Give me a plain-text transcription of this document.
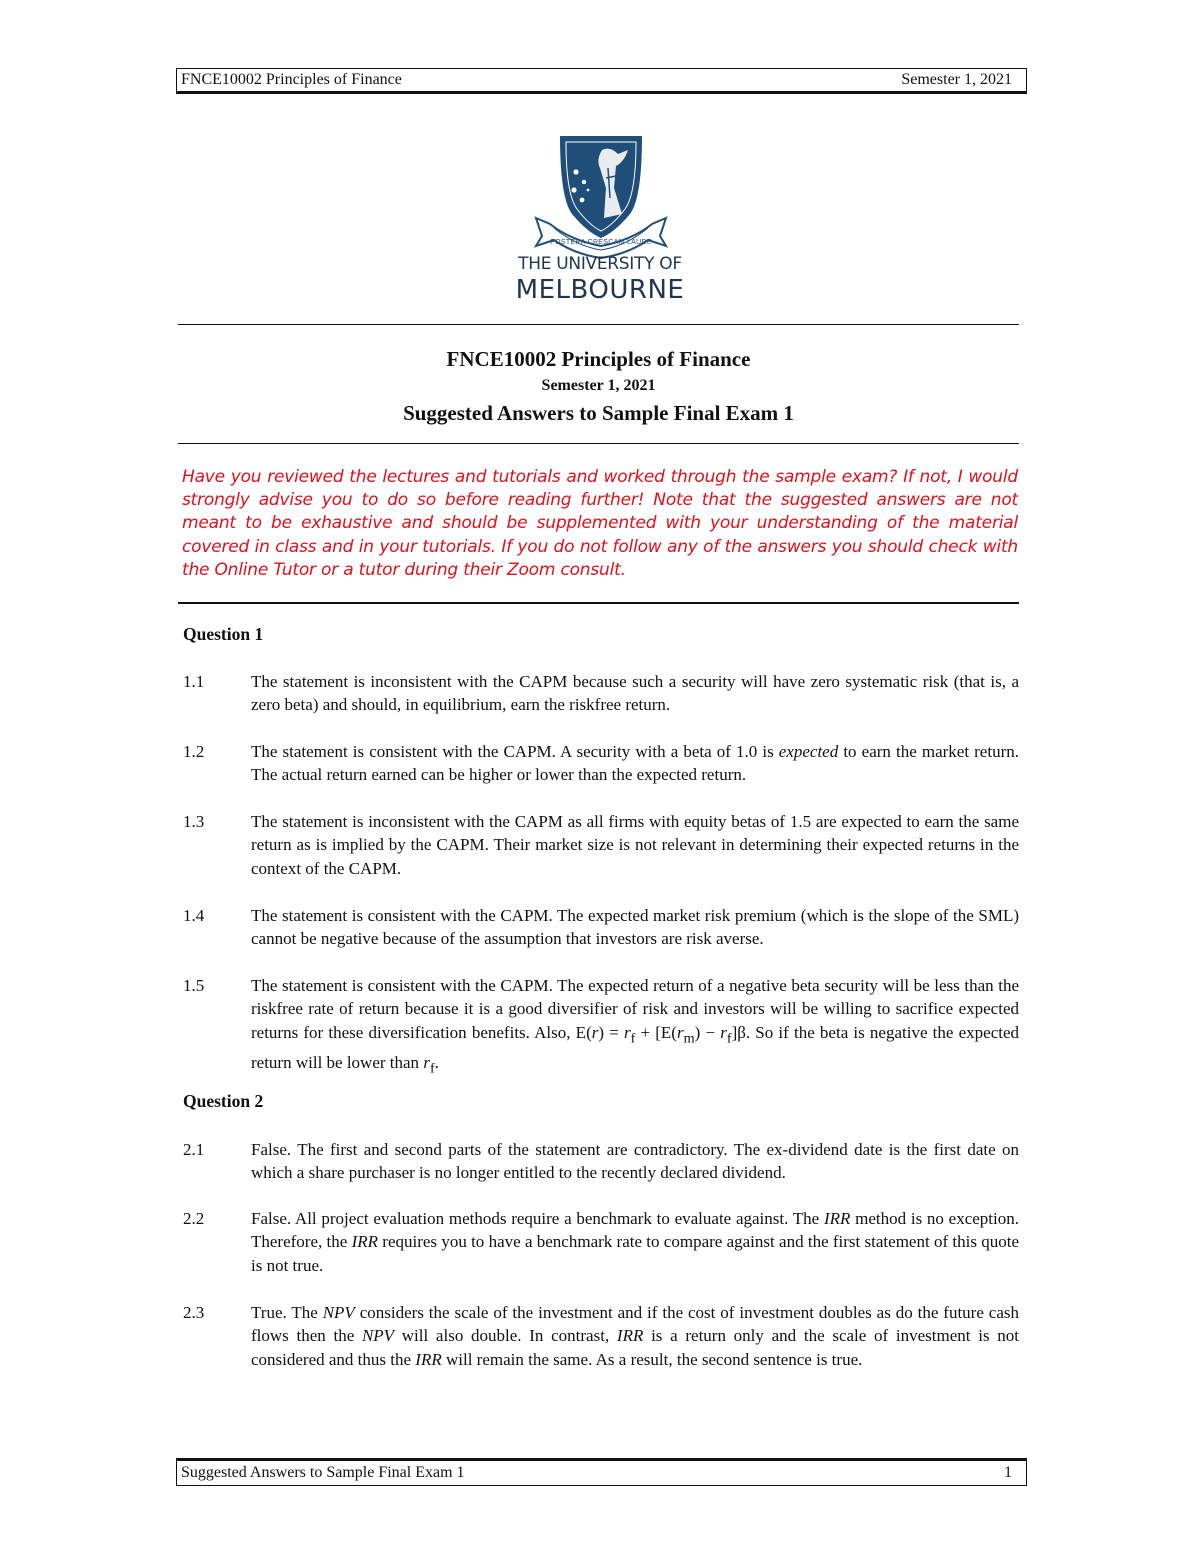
FNCE10002 Principles of Finance	Semester 1, 2021
POSTERA CRESCAM LAUDE
THE UNIVERSITY OF
MELBOURNE
FNCE10002 Principles of Finance
Semester 1, 2021
Suggested Answers to Sample Final Exam 1
Have you reviewed the lectures and tutorials and worked through the sample exam? If not, I would strongly advise you to do so before reading further! Note that the suggested answers are not meant to be exhaustive and should be supplemented with your understanding of the material covered in class and in your tutorials. If you do not follow any of the answers you should check with the Online Tutor or a tutor during their Zoom consult.
Question 1
1.1	The statement is inconsistent with the CAPM because such a security will have zero systematic risk (that is, a zero beta) and should, in equilibrium, earn the riskfree return.
1.2	The statement is consistent with the CAPM. A security with a beta of 1.0 is expected to earn the market return. The actual return earned can be higher or lower than the expected return.
1.3	The statement is inconsistent with the CAPM as all firms with equity betas of 1.5 are expected to earn the same return as is implied by the CAPM. Their market size is not relevant in determining their expected returns in the context of the CAPM.
1.4	The statement is consistent with the CAPM. The expected market risk premium (which is the slope of the SML) cannot be negative because of the assumption that investors are risk averse.
1.5	The statement is consistent with the CAPM. The expected return of a negative beta security will be less than the riskfree rate of return because it is a good diversifier of risk and investors will be willing to sacrifice expected returns for these diversification benefits. Also, $E(r) = r_f + [E(r_m) - r_f]\beta$. So if the beta is negative the expected return will be lower than $r_f$.
Question 2
2.1	False. The first and second parts of the statement are contradictory. The ex-dividend date is the first date on which a share purchaser is no longer entitled to the recently declared dividend.
2.2	False. All project evaluation methods require a benchmark to evaluate against. The IRR method is no exception. Therefore, the IRR requires you to have a benchmark rate to compare against and the first statement of this quote is not true.
2.3	True. The NPV considers the scale of the investment and if the cost of investment doubles as do the future cash flows then the NPV will also double. In contrast, IRR is a return only and the scale of investment is not considered and thus the IRR will remain the same. As a result, the second sentence is true.
Suggested Answers to Sample Final Exam 1	1
